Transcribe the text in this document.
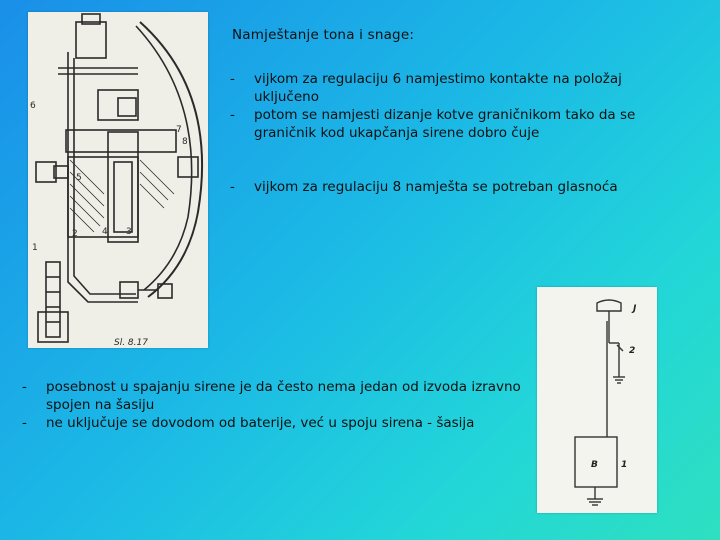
6
5
7
8
2	4 3
1
Sl. 8.17
J
2
B	1
Namještanje tona i snage:
- vijkom za regulaciju 6 namjestimo kontakte na položaj uključeno
- potom se namjesti dizanje kotve graničnikom tako da se graničnik kod ukapčanja sirene dobro čuje
- vijkom za regulaciju 8 namješta se potreban glasnoća
- posebnost u spajanju sirene je da često nema jedan od izvoda izravno spojen na šasiju
- ne uključuje se dovodom od baterije, već u spoju sirena - šasija
